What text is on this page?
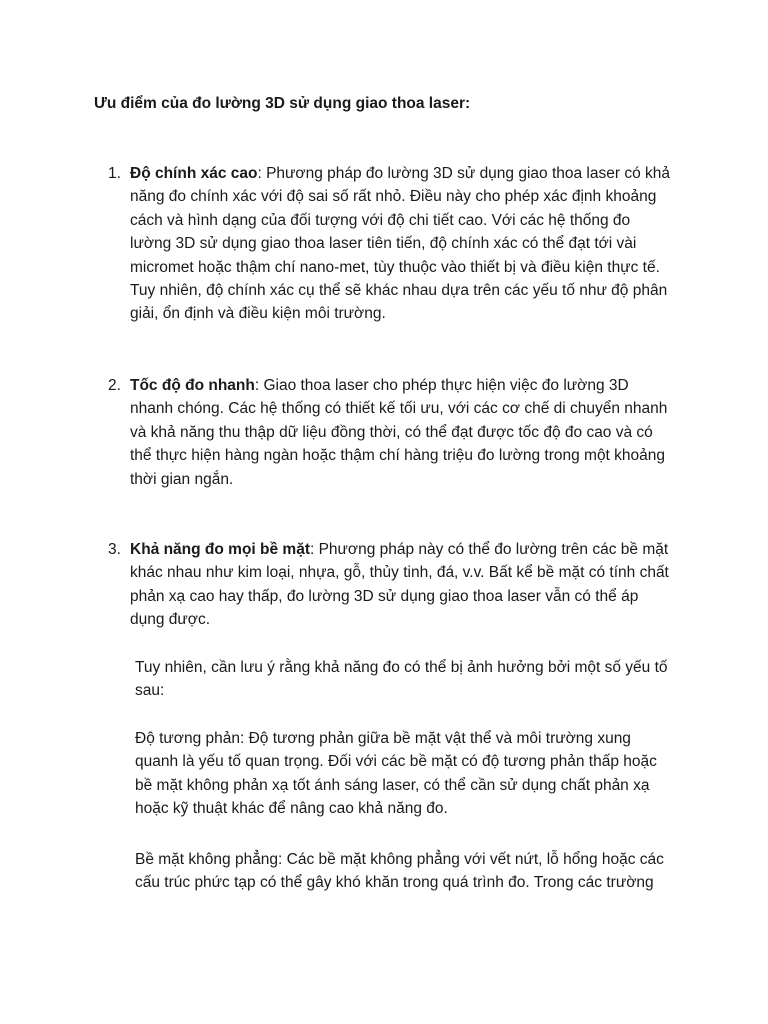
Ưu điểm của đo lường 3D sử dụng giao thoa laser:
1. Độ chính xác cao: Phương pháp đo lường 3D sử dụng giao thoa laser có khả năng đo chính xác với độ sai số rất nhỏ. Điều này cho phép xác định khoảng cách và hình dạng của đối tượng với độ chi tiết cao. Với các hệ thống đo lường 3D sử dụng giao thoa laser tiên tiến, độ chính xác có thể đạt tới vài micromet hoặc thậm chí nano-met, tùy thuộc vào thiết bị và điều kiện thực tế. Tuy nhiên, độ chính xác cụ thể sẽ khác nhau dựa trên các yếu tố như độ phân giải, ổn định và điều kiện môi trường.
2. Tốc độ đo nhanh: Giao thoa laser cho phép thực hiện việc đo lường 3D nhanh chóng. Các hệ thống có thiết kế tối ưu, với các cơ chế di chuyển nhanh và khả năng thu thập dữ liệu đồng thời, có thể đạt được tốc độ đo cao và có thể thực hiện hàng ngàn hoặc thậm chí hàng triệu đo lường trong một khoảng thời gian ngắn.
3. Khả năng đo mọi bề mặt: Phương pháp này có thể đo lường trên các bề mặt khác nhau như kim loại, nhựa, gỗ, thủy tinh, đá, v.v. Bất kể bề mặt có tính chất phản xạ cao hay thấp, đo lường 3D sử dụng giao thoa laser vẫn có thể áp dụng được.
Tuy nhiên, cần lưu ý rằng khả năng đo có thể bị ảnh hưởng bởi một số yếu tố sau:
Độ tương phản: Độ tương phản giữa bề mặt vật thể và môi trường xung quanh là yếu tố quan trọng. Đối với các bề mặt có độ tương phản thấp hoặc bề mặt không phản xạ tốt ánh sáng laser, có thể cần sử dụng chất phản xạ hoặc kỹ thuật khác để nâng cao khả năng đo.
Bề mặt không phẳng: Các bề mặt không phẳng với vết nứt, lỗ hổng hoặc các cấu trúc phức tạp có thể gây khó khăn trong quá trình đo. Trong các trường
